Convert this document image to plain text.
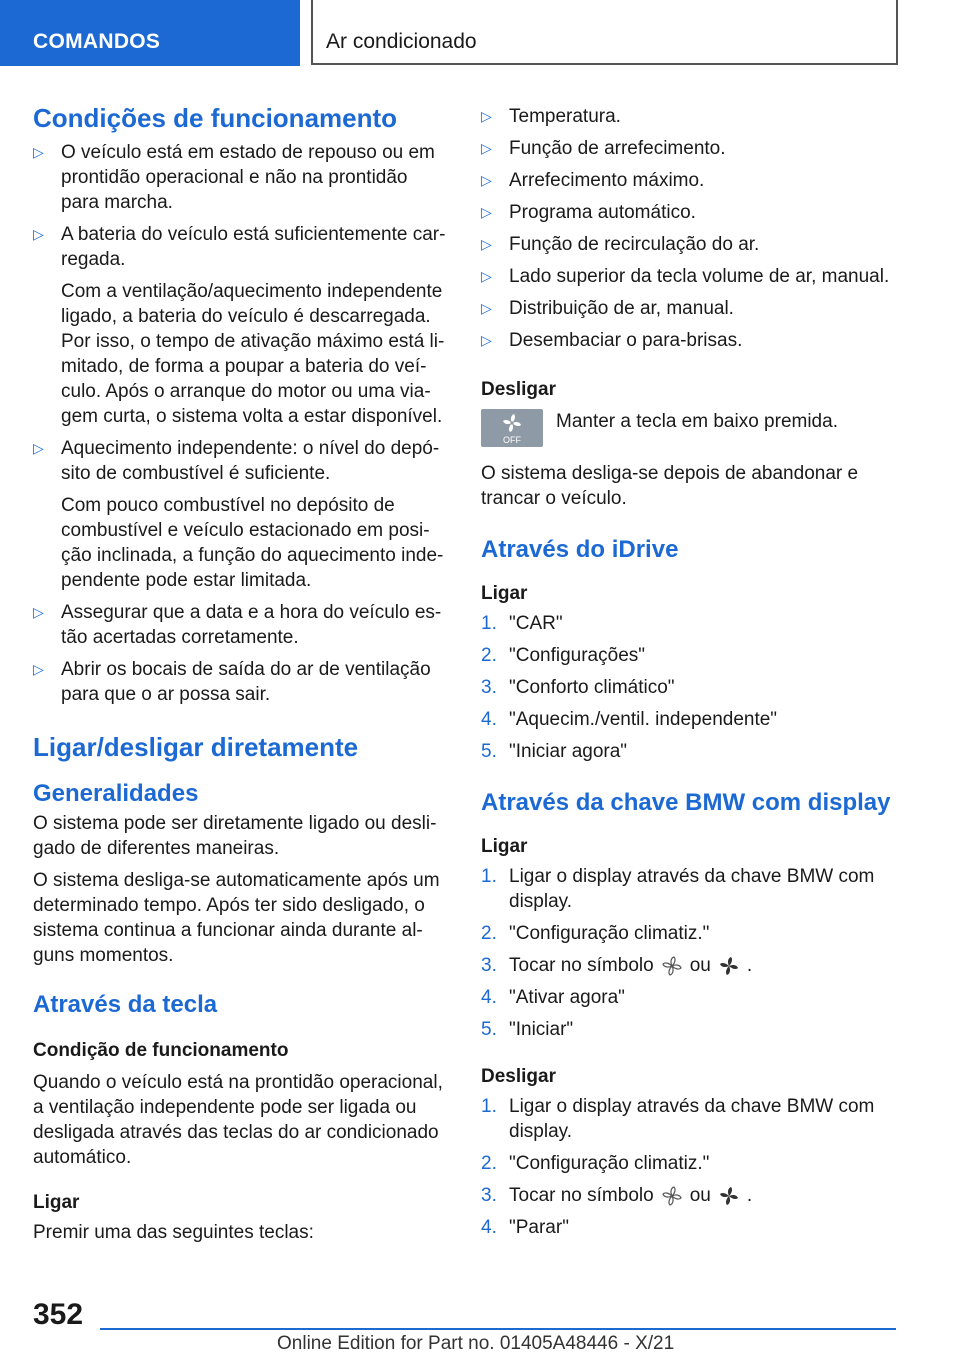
COMANDOS	Ar condicionado
Condições de funcionamento
▷ O veículo está em estado de repouso ou em prontidão operacional e não na prontidão para marcha.
▷ A bateria do veículo está suficientemente car-regada.
Com a ventilação/aquecimento independente ligado, a bateria do veículo é descarregada. Por isso, o tempo de ativação máximo está li-mitado, de forma a poupar a bateria do veí-culo. Após o arranque do motor ou uma via-gem curta, o sistema volta a estar disponível.
▷ Aquecimento independente: o nível do depó-sito de combustível é suficiente.
Com pouco combustível no depósito de combustível e veículo estacionado em posi-ção inclinada, a função do aquecimento inde-pendente pode estar limitada.
▷ Assegurar que a data e a hora do veículo es-tão acertadas corretamente.
▷ Abrir os bocais de saída do ar de ventilação para que o ar possa sair.
Ligar/desligar diretamente
Generalidades

O sistema pode ser diretamente ligado ou desli-gado de diferentes maneiras.

O sistema desliga-se automaticamente após um determinado tempo. Após ter sido desligado, o sistema continua a funcionar ainda durante al-guns momentos.

Através da tecla
Condição de funcionamento

Quando o veículo está na prontidão operacional, a ventilação independente pode ser ligada ou desligada através das teclas do ar condicionado automático.

Ligar

Premir uma das seguintes teclas:

▷ Temperatura.
▷ Função de arrefecimento.
▷ Arrefecimento máximo.
▷ Programa automático.
▷ Função de recirculação do ar.
▷ Lado superior da tecla volume de ar, manual.
▷ Distribuição de ar, manual.
▷ Desembaciar o para-brisas.
Desligar
OFF
Manter a tecla em baixo premida.

O sistema desliga-se depois de abandonar e trancar o veículo.

Através do iDrive
Ligar
1. "CAR"
2. "Configurações"
3. "Conforto climático"
4. "Aquecim./ventil. independente"
5. "Iniciar agora"
Através da chave BMW com display
Ligar
1. Ligar o display através da chave BMW com display.
2. "Configuração climatiz."
3. Tocar no símbolo ou .
4. "Ativar agora"
5. "Iniciar"
Desligar
1. Ligar o display através da chave BMW com display.
2. "Configuração climatiz."
3. Tocar no símbolo ou .
4. "Parar"
352
Online Edition for Part no. 01405A48446 - X/21
